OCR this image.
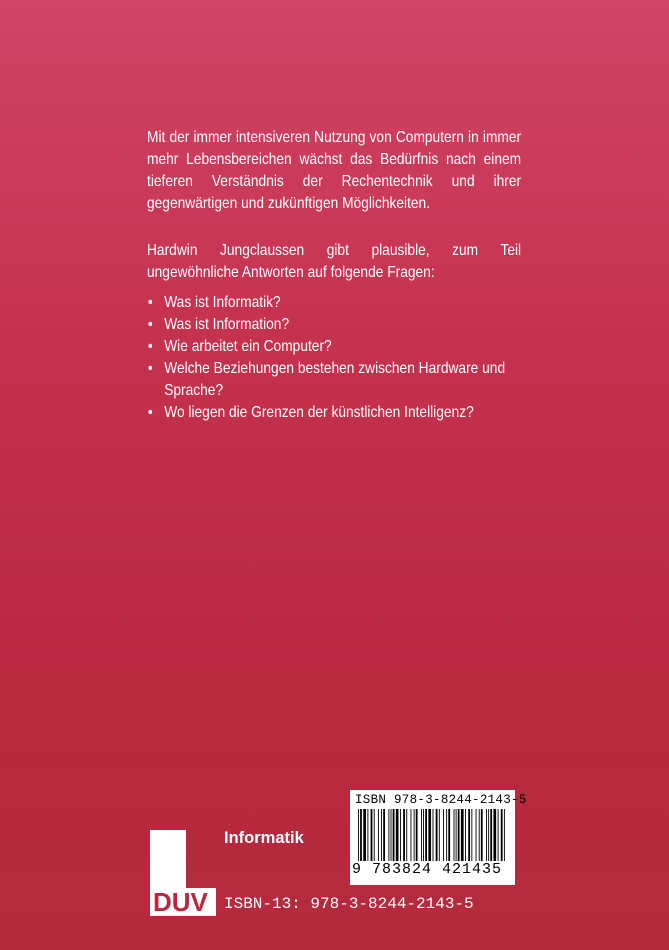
Mit der immer intensiveren Nutzung von Computern in immer mehr Lebensbereichen wächst das Bedürfnis nach einem tieferen Verständnis der Rechentechnik und ihrer gegenwärtigen und zukünftigen Möglichkeiten.
Hardwin Jungclaussen gibt plausible, zum Teil ungewöhnliche Antworten auf folgende Fragen:
• Was ist Informatik?
• Was ist Information?
• Wie arbeitet ein Computer?
• Welche Beziehungen bestehen zwischen Hardware und Sprache?
• Wo liegen die Grenzen der künstlichen Intelligenz?
ISBN 978-3-8244-2143-5
9 783824 421435
DUV
Informatik
ISBN-13: 978-3-8244-2143-5
